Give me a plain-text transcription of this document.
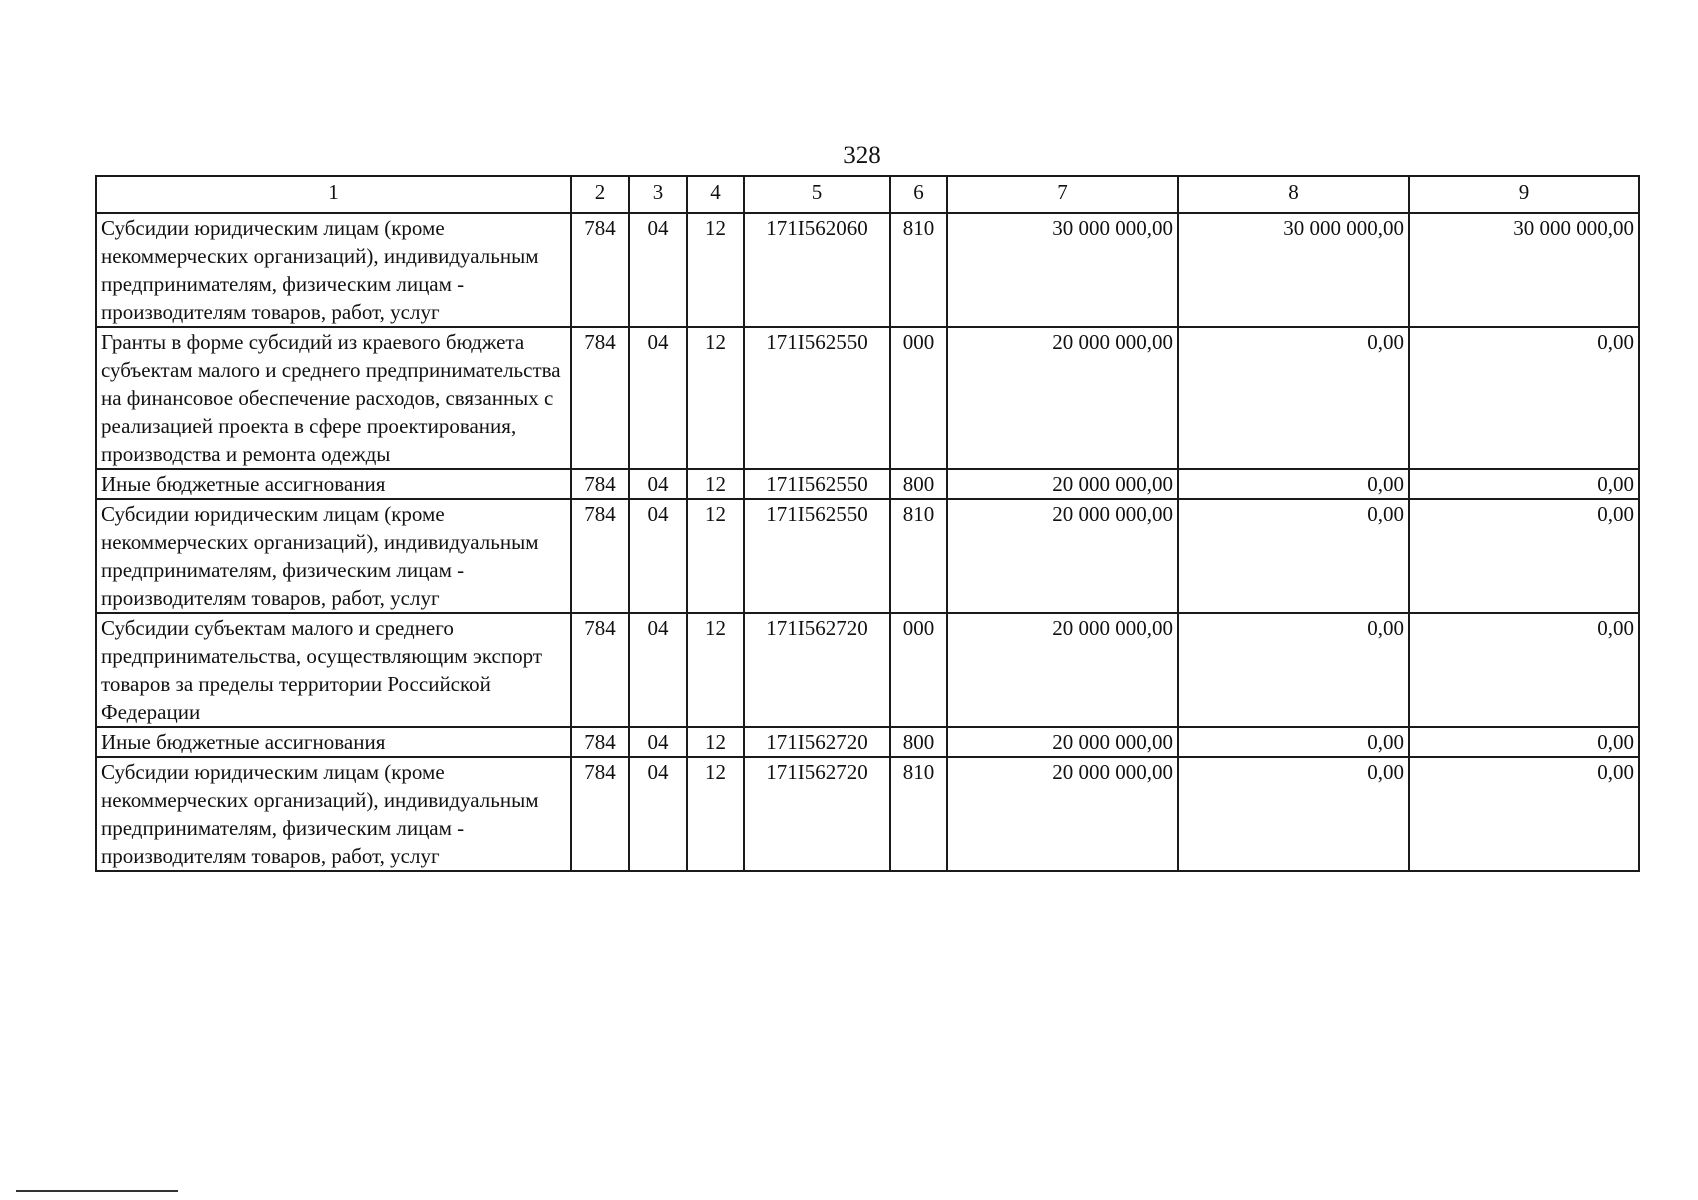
328
1	2	3	4	5	6	7	8	9
Субсидии юридическим лицам (кроме некоммерческих организаций), индивидуальным предпринимателям, физическим лицам - производителям товаров, работ, услуг	784	04	12	171I562060	810	30 000 000,00	30 000 000,00	30 000 000,00
Гранты в форме субсидий из краевого бюджета субъектам малого и среднего предпринимательства на финансовое обеспечение расходов, связанных с реализацией проекта в сфере проектирования, производства и ремонта одежды	784	04	12	171I562550	000	20 000 000,00	0,00	0,00
Иные бюджетные ассигнования	784	04	12	171I562550	800	20 000 000,00	0,00	0,00
Субсидии юридическим лицам (кроме некоммерческих организаций), индивидуальным предпринимателям, физическим лицам - производителям товаров, работ, услуг	784	04	12	171I562550	810	20 000 000,00	0,00	0,00
Субсидии субъектам малого и среднего предпринимательства, осуществляющим экспорт товаров за пределы территории Российской Федерации	784	04	12	171I562720	000	20 000 000,00	0,00	0,00
Иные бюджетные ассигнования	784	04	12	171I562720	800	20 000 000,00	0,00	0,00
Субсидии юридическим лицам (кроме некоммерческих организаций), индивидуальным предпринимателям, физическим лицам - производителям товаров, работ, услуг	784	04	12	171I562720	810	20 000 000,00	0,00	0,00
